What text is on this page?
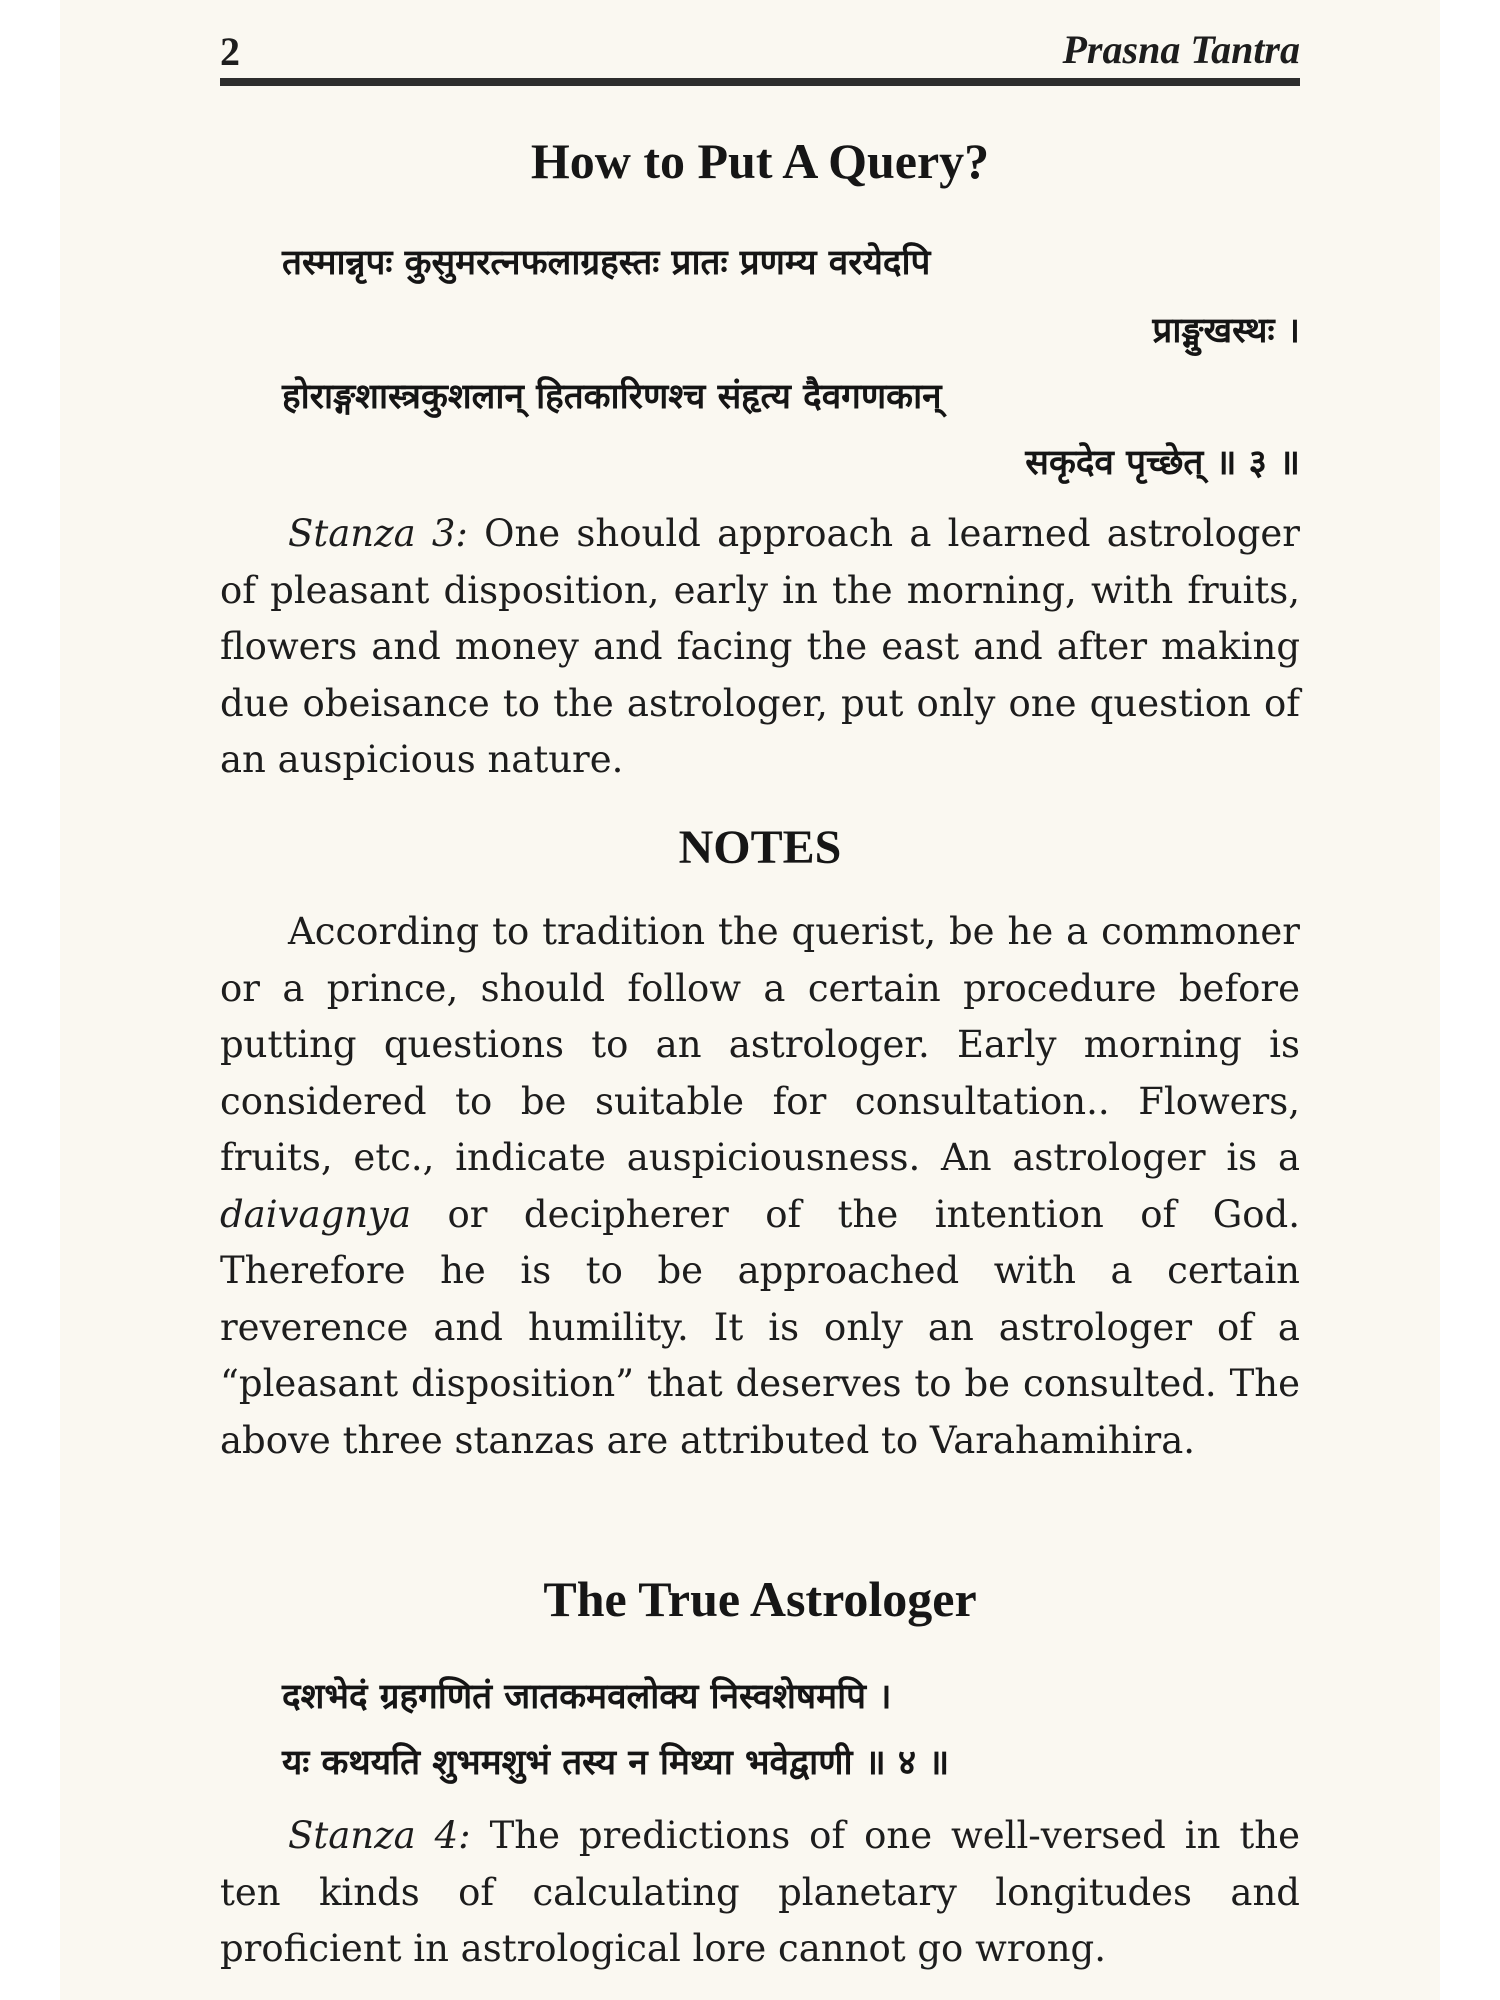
2	Prasna Tantra
How to Put A Query?
तस्मान्नृपः कुसुमरत्नफलाग्रहस्तः प्रातः प्रणम्य वरयेदपि
प्राङ्मुखस्थः ।
होराङ्गशास्त्रकुशलान् हितकारिणश्च संहृत्य दैवगणकान्
सकृदेव पृच्छेत् ॥ ३ ॥

Stanza 3: One should approach a learned astrologer of pleasant disposition, early in the morning, with fruits, flowers and money and facing the east and after making due obeisance to the astrologer, put only one question of an auspicious nature.

NOTES

According to tradition the querist, be he a commoner or a prince, should follow a certain procedure before putting questions to an astrologer. Early morning is considered to be suitable for consultation.. Flowers, fruits, etc., indicate auspiciousness. An astrologer is a daivagnya or decipherer of the intention of God. Therefore he is to be approached with a certain reverence and humility. It is only an astrologer of a “pleasant disposition” that deserves to be consulted. The above three stanzas are attributed to Varahamihira.

The True Astrologer
दशभेदं ग्रहगणितं जातकमवलोक्य निस्वशेषमपि ।
यः कथयति शुभमशुभं तस्य न मिथ्या भवेद्वाणी ॥ ४ ॥

Stanza 4: The predictions of one well-versed in the ten kinds of calculating planetary longitudes and proficient in astrological lore cannot go wrong.
